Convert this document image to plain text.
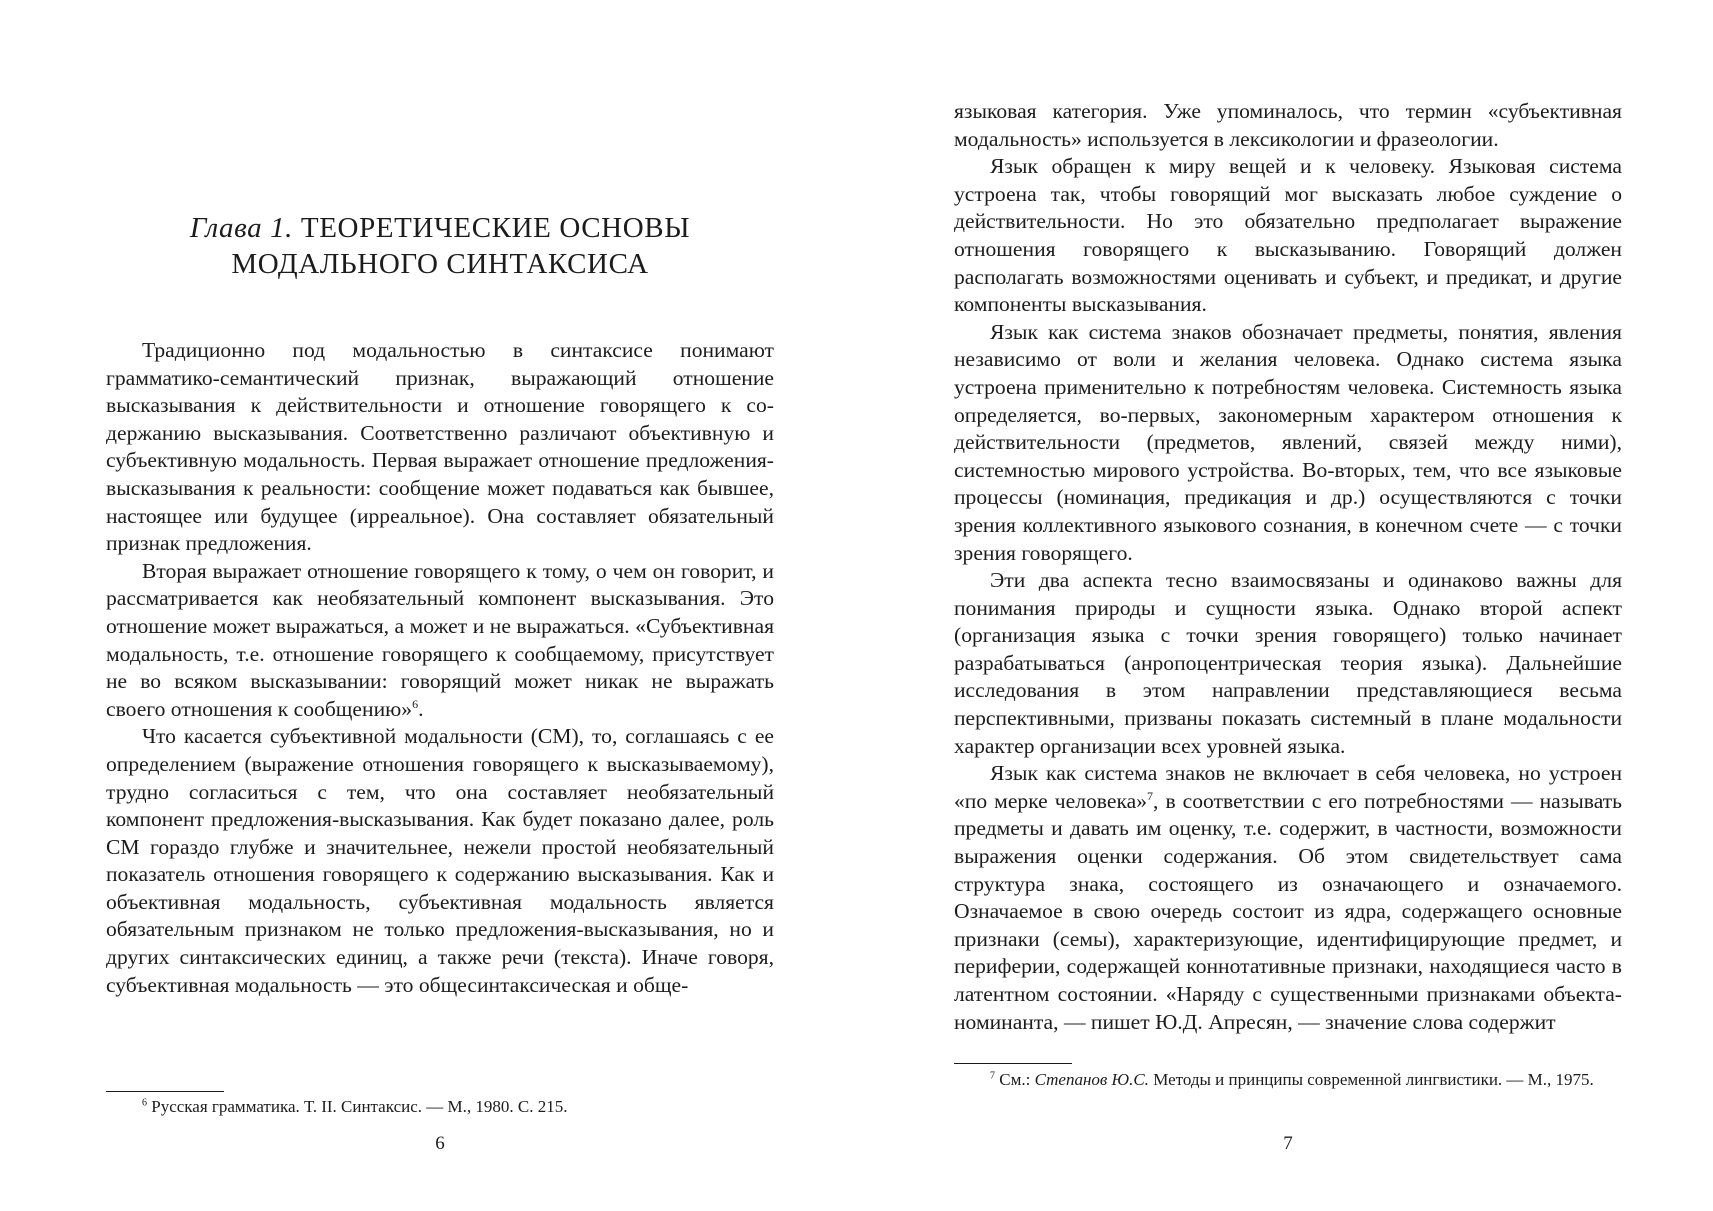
Глава 1. ТЕОРЕТИЧЕСКИЕ ОСНОВЫ
МОДАЛЬНОГО СИНТАКСИСА

Традиционно под модальностью в синтаксисе понимают грамматико-семантический признак, выражающий отношение высказывания к действительности и отношение говорящего к содержанию высказывания. Соответственно различают объективную и субъективную модальность. Первая выражает отношение предложения-высказывания к реальности: сообщение может подаваться как бывшее, настоящее или будущее (ирреальное). Она составляет обязательный признак предложения.

Вторая выражает отношение говорящего к тому, о чем он говорит, и рассматривается как необязательный компонент высказывания. Это отношение может выражаться, а может и не выражаться. «Субъективная модальность, т.е. отношение говорящего к сообщаемому, присутствует не во всяком высказывании: говорящий может никак не выражать своего отношения к сообщению»$^6$.

Что касается субъективной модальности (СМ), то, соглашаясь с ее определением (выражение отношения говорящего к высказываемому), трудно согласиться с тем, что она составляет необязательный компонент предложения-высказывания. Как будет показано далее, роль СМ гораздо глубже и значительнее, нежели простой необязательный показатель отношения говорящего к содержанию высказывания. Как и объективная модальность, субъективная модальность является обязательным признаком не только предложения-высказывания, но и других синтаксических единиц, а также речи (текста). Иначе говоря, субъективная модальность — это общесинтаксическая и обще-

$^6$ Русская грамматика. Т. II. Синтаксис. — М., 1980. С. 215.
6

языковая категория. Уже упоминалось, что термин «субъективная модальность» используется в лексикологии и фразеологии.

Язык обращен к миру вещей и к человеку. Языковая система устроена так, чтобы говорящий мог высказать любое суждение о действительности. Но это обязательно предполагает выражение отношения говорящего к высказыванию. Говорящий должен располагать возможностями оценивать и субъект, и предикат, и другие компоненты высказывания.

Язык как система знаков обозначает предметы, понятия, явления независимо от воли и желания человека. Однако система языка устроена применительно к потребностям человека. Системность языка определяется, во-первых, закономерным характером отношения к действительности (предметов, явлений, связей между ними), системностью мирового устройства. Во-вторых, тем, что все языковые процессы (номинация, предикация и др.) осуществляются с точки зрения коллективного языкового сознания, в конечном счете — с точки зрения говорящего.

Эти два аспекта тесно взаимосвязаны и одинаково важны для понимания природы и сущности языка. Однако второй аспект (организация языка с точки зрения говорящего) только начинает разрабатываться (анропоцентрическая теория языка). Дальнейшие исследования в этом направлении представляющиеся весьма перспективными, призваны показать системный в плане модальности характер организации всех уровней языка.

Язык как система знаков не включает в себя человека, но устроен «по мерке человека»$^7$, в соответствии с его потребностями — называть предметы и давать им оценку, т.е. содержит, в частности, возможности выражения оценки содержания. Об этом свидетельствует сама структура знака, состоящего из означающего и означаемого. Означаемое в свою очередь состоит из ядра, содержащего основные признаки (семы), характеризующие, идентифицирующие предмет, и периферии, содержащей коннотативные признаки, находящиеся часто в латентном состоянии. «Наряду с существенными признаками объекта-номинанта, — пишет Ю.Д. Апресян, — значение слова содержит

$^7$ См.: Степанов Ю.С. Методы и принципы современной лингвистики. — М., 1975.
7
